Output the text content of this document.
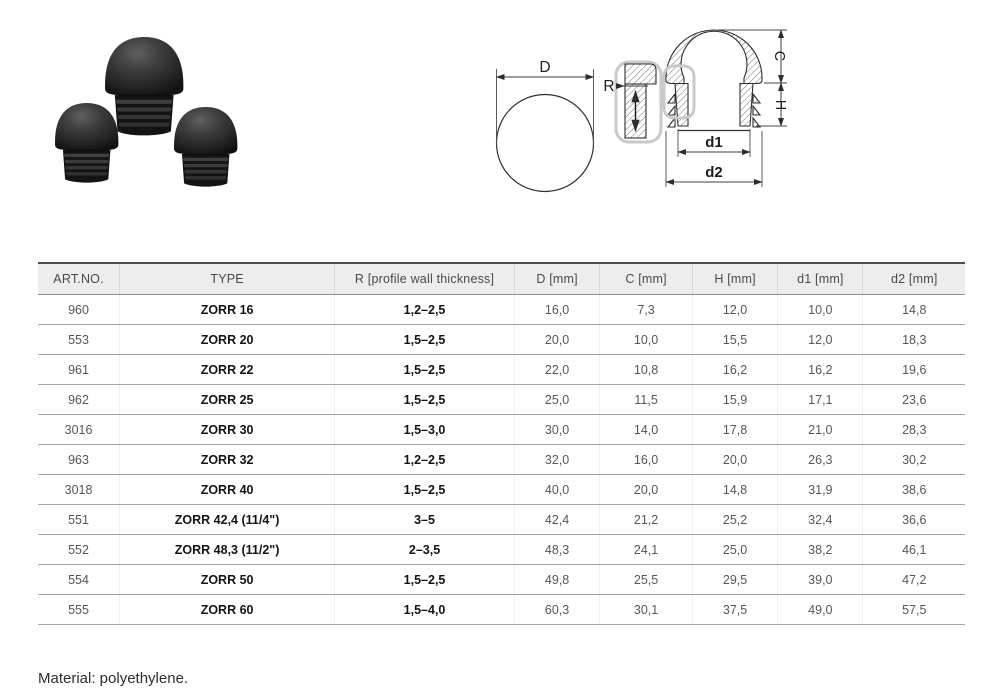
D
R
C
H
d1
d2
ART.NO.	TYPE	R [profile wall thickness]	D [mm]	C [mm]	H [mm]	d1 [mm]	d2 [mm]
960	ZORR 16	1,2–2,5	16,0	7,3	12,0	10,0	14,8
553	ZORR 20	1,5–2,5	20,0	10,0	15,5	12,0	18,3
961	ZORR 22	1,5–2,5	22,0	10,8	16,2	16,2	19,6
962	ZORR 25	1,5–2,5	25,0	11,5	15,9	17,1	23,6
3016	ZORR 30	1,5–3,0	30,0	14,0	17,8	21,0	28,3
963	ZORR 32	1,2–2,5	32,0	16,0	20,0	26,3	30,2
3018	ZORR 40	1,5–2,5	40,0	20,0	14,8	31,9	38,6
551	ZORR 42,4 (11/4")	3–5	42,4	21,2	25,2	32,4	36,6
552	ZORR 48,3 (11/2")	2–3,5	48,3	24,1	25,0	38,2	46,1
554	ZORR 50	1,5–2,5	49,8	25,5	29,5	39,0	47,2
555	ZORR 60	1,5–4,0	60,3	30,1	37,5	49,0	57,5

Material: polyethylene.
